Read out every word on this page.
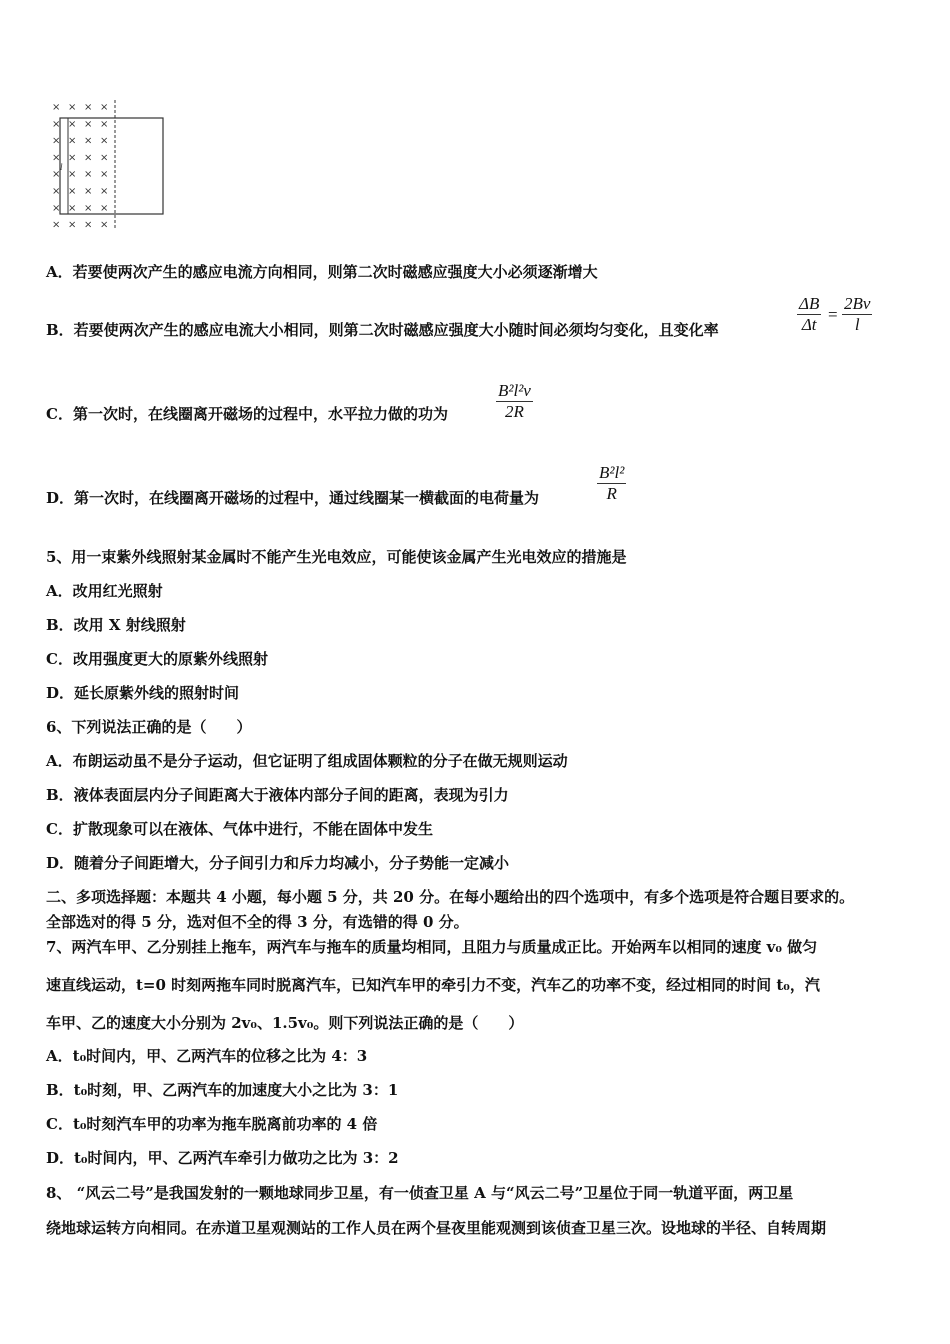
× × × ×
× × × ×
× × × ×
× × × ×
× × × ×
× × × ×
× × × ×
× × × ×
l
A．若要使两次产生的感应电流方向相同，则第二次时磁感应强度大小必须逐渐增大
B．若要使两次产生的感应电流大小相同，则第二次时磁感应强度大小随时间必须均匀变化，且变化率	$\frac{\Delta B}{\Delta t} = \frac{2Bv}{l}$
C．第一次时，在线圈离开磁场的过程中，水平拉力做的功为	$\frac{\text{B²l²v}}{2R}$
D．第一次时，在线圈离开磁场的过程中，通过线圈某一横截面的电荷量为	$\frac{\text{B²l²}}{R}$
5、用一束紫外线照射某金属时不能产生光电效应，可能使该金属产生光电效应的措施是
A．改用红光照射
B．改用 X 射线照射
C．改用强度更大的原紫外线照射
D．延长原紫外线的照射时间
6、下列说法正确的是（　　）
A．布朗运动虽不是分子运动，但它证明了组成固体颗粒的分子在做无规则运动
B．液体表面层内分子间距离大于液体内部分子间的距离，表现为引力
C．扩散现象可以在液体、气体中进行，不能在固体中发生
D．随着分子间距增大，分子间引力和斥力均减小，分子势能一定减小
二、多项选择题：本题共 4 小题，每小题 5 分，共 20 分。在每小题给出的四个选项中，有多个选项是符合题目要求的。
全部选对的得 5 分，选对但不全的得 3 分，有选错的得 0 分。
7、两汽车甲、乙分别挂上拖车，两汽车与拖车的质量均相同，且阻力与质量成正比。开始两车以相同的速度 v₀ 做匀
速直线运动，t=0 时刻两拖车同时脱离汽车，已知汽车甲的牵引力不变，汽车乙的功率不变，经过相同的时间 t₀，汽
车甲、乙的速度大小分别为 2v₀、1.5v₀。则下列说法正确的是（　　）
A．t₀时间内，甲、乙两汽车的位移之比为 4：3
B．t₀时刻，甲、乙两汽车的加速度大小之比为 3：1
C．t₀时刻汽车甲的功率为拖车脱离前功率的 4 倍
D．t₀时间内，甲、乙两汽车牵引力做功之比为 3：2
8、 “风云二号”是我国发射的一颗地球同步卫星，有一侦查卫星 A 与“风云二号”卫星位于同一轨道平面，两卫星
绕地球运转方向相同。在赤道卫星观测站的工作人员在两个昼夜里能观测到该侦查卫星三次。设地球的半径、自转周期
